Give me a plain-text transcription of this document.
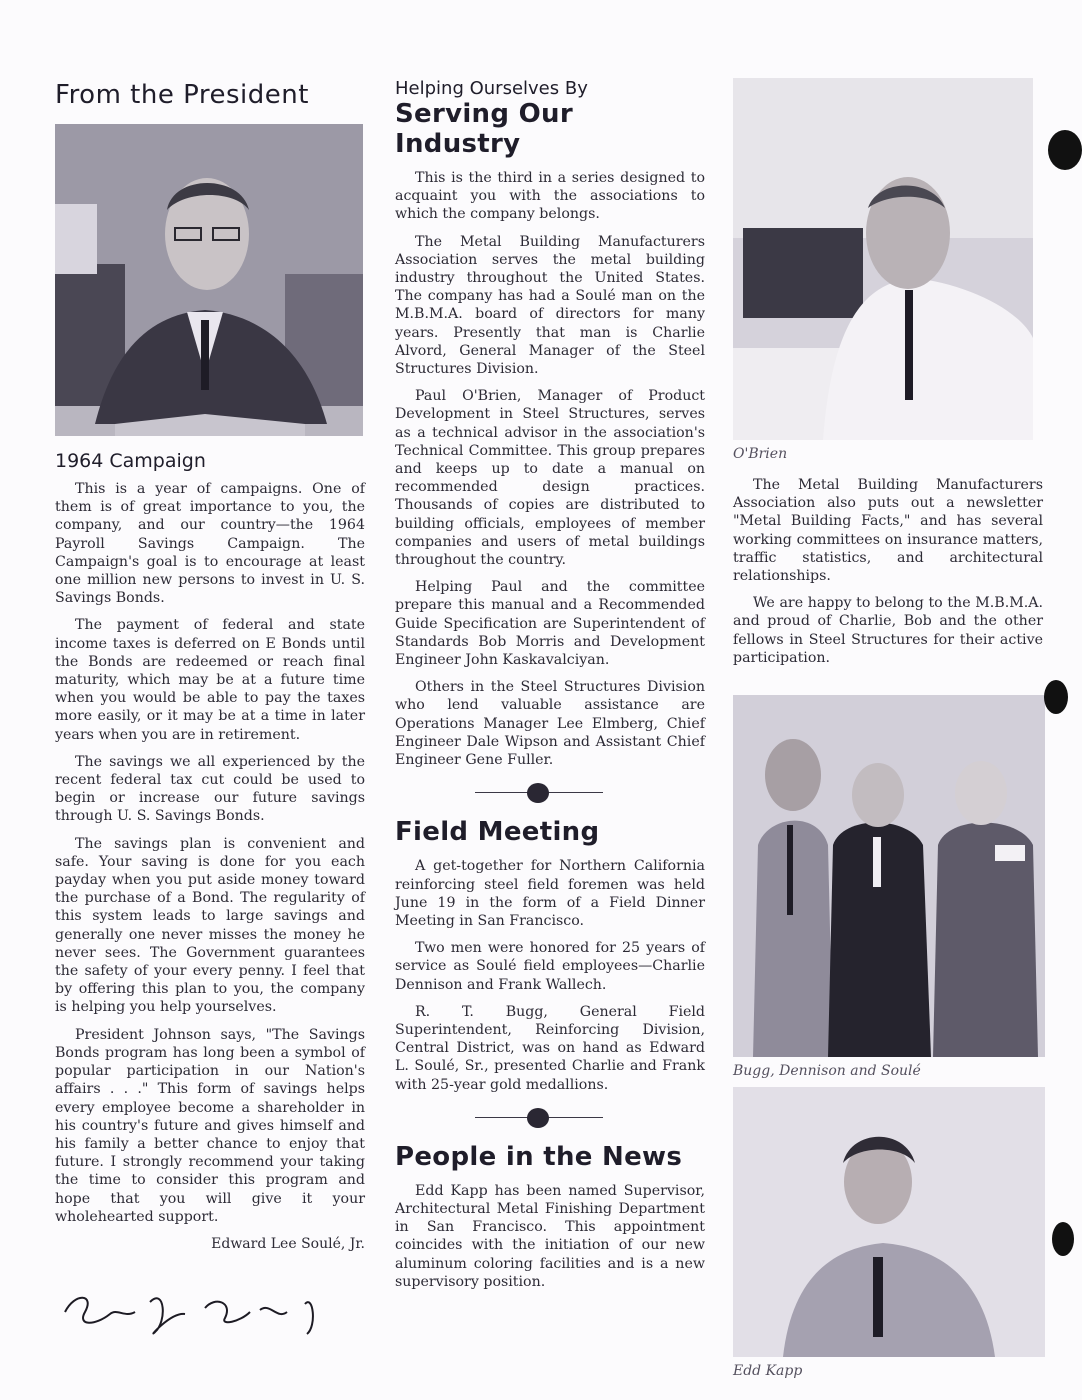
From the President
1964 Campaign

This is a year of campaigns. One of them is of great importance to you, the company, and our country—the 1964 Payroll Savings Campaign. The Campaign's goal is to encourage at least one million new persons to invest in U. S. Savings Bonds.

The payment of federal and state income taxes is deferred on E Bonds until the Bonds are redeemed or reach final maturity, which may be at a future time when you would be able to pay the taxes more easily, or it may be at a time in later years when you are in retirement.

The savings we all experienced by the recent federal tax cut could be used to begin or increase our future savings through U. S. Savings Bonds.

The savings plan is convenient and safe. Your saving is done for you each payday when you put aside money toward the purchase of a Bond. The regularity of this system leads to large savings and generally one never misses the money he never sees. The Government guarantees the safety of your every penny. I feel that by offering this plan to you, the company is helping you help yourselves.

President Johnson says, "The Savings Bonds program has long been a symbol of popular participation in our Nation's affairs . . ." This form of savings helps every employee become a shareholder in his country's future and gives himself and his family a better chance to enjoy that future. I strongly recommend your taking the time to consider this program and hope that you will give it your wholehearted support.

Edward Lee Soulé, Jr.
Helping Ourselves By
Serving Our Industry

This is the third in a series designed to acquaint you with the associations to which the company belongs.

The Metal Building Manufacturers Association serves the metal building industry throughout the United States. The company has had a Soulé man on the M.B.M.A. board of directors for many years. Presently that man is Charlie Alvord, General Manager of the Steel Structures Division.

Paul O'Brien, Manager of Product Development in Steel Structures, serves as a technical advisor in the association's Technical Committee. This group prepares and keeps up to date a manual on recommended design practices. Thousands of copies are distributed to building officials, employees of member companies and users of metal buildings throughout the country.

Helping Paul and the committee prepare this manual and a Recommended Guide Specification are Superintendent of Standards Bob Morris and Development Engineer John Kaskavalciyan.

Others in the Steel Structures Division who lend valuable assistance are Operations Manager Lee Elmberg, Chief Engineer Dale Wipson and Assistant Chief Engineer Gene Fuller.

Field Meeting

A get-together for Northern California reinforcing steel field foremen was held June 19 in the form of a Field Dinner Meeting in San Francisco.

Two men were honored for 25 years of service as Soulé field employees—Charlie Dennison and Frank Wallech.

R. T. Bugg, General Field Superintendent, Reinforcing Division, Central District, was on hand as Edward L. Soulé, Sr., presented Charlie and Frank with 25-year gold medallions.

People in the News

Edd Kapp has been named Supervisor, Architectural Metal Finishing Department in San Francisco. This appointment coincides with the initiation of our new aluminum coloring facilities and is a new supervisory position.

O'Brien

The Metal Building Manufacturers Association also puts out a newsletter "Metal Building Facts," and has several working committees on insurance matters, traffic statistics, and architectural relationships.

We are happy to belong to the M.B.M.A. and proud of Charlie, Bob and the other fellows in Steel Structures for their active participation.

Bugg, Dennison and Soulé
Edd Kapp
